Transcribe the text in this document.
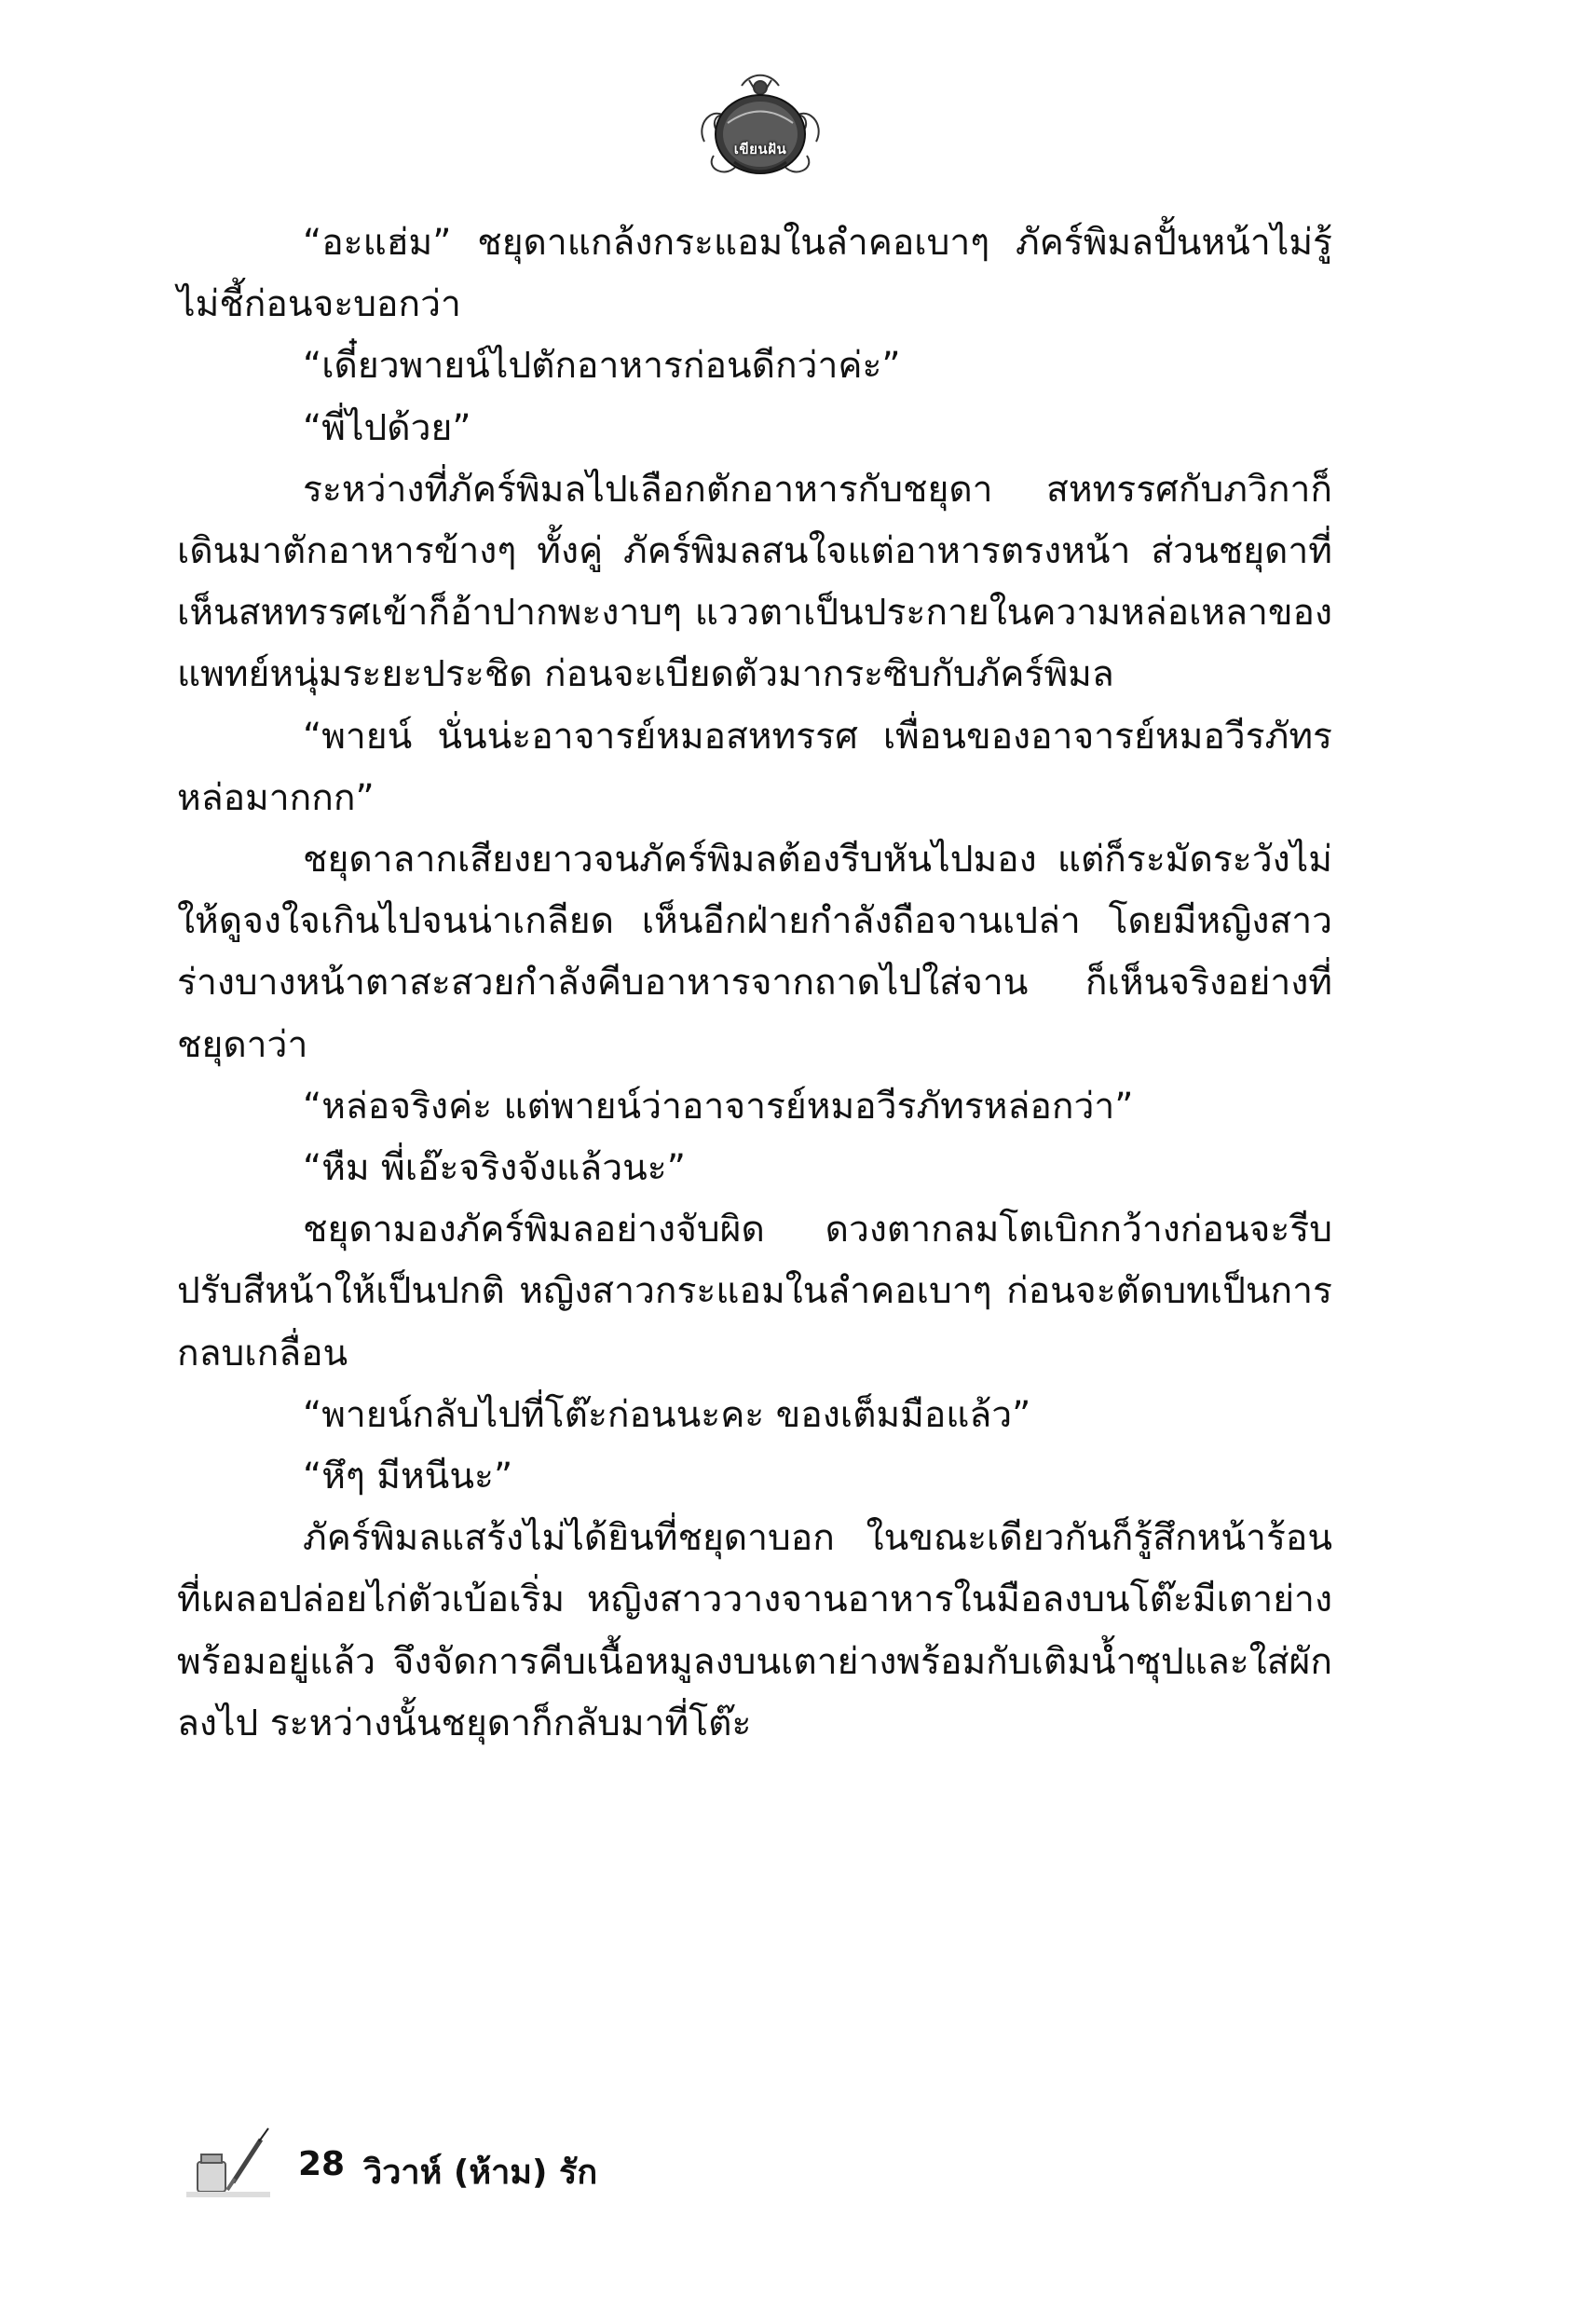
เขียนฝัน

“อะแฮ่ม” ชยุดาแกล้งกระแอมในลำคอเบาๆ ภัคร์พิมลปั้นหน้าไม่รู้ไม่ชี้ก่อนจะบอกว่า

“เดี๋ยวพายน์ไปตักอาหารก่อนดีกว่าค่ะ”

“พี่ไปด้วย”

ระหว่างที่ภัคร์พิมลไปเลือกตักอาหารกับชยุดา สหทรรศกับภวิกาก็เดินมาตักอาหารข้างๆ ทั้งคู่ ภัคร์พิมลสนใจแต่อาหารตรงหน้า ส่วนชยุดาที่เห็นสหทรรศเข้าก็อ้าปากพะงาบๆ แววตาเป็นประกายในความหล่อเหลาของแพทย์หนุ่มระยะประชิด ก่อนจะเบียดตัวมากระซิบกับภัคร์พิมล

“พายน์ นั่นน่ะอาจารย์หมอสหทรรศ เพื่อนของอาจารย์หมอวีรภัทร หล่อมากกก”

ชยุดาลากเสียงยาวจนภัคร์พิมลต้องรีบหันไปมอง แต่ก็ระมัดระวังไม่ให้ดูจงใจเกินไปจนน่าเกลียด เห็นอีกฝ่ายกำลังถือจานเปล่า โดยมีหญิงสาวร่างบางหน้าตาสะสวยกำลังคีบอาหารจากถาดไปใส่จาน ก็เห็นจริงอย่างที่ชยุดาว่า

“หล่อจริงค่ะ แต่พายน์ว่าอาจารย์หมอวีรภัทรหล่อกว่า”

“หืม พี่เอ๊ะจริงจังแล้วนะ”

ชยุดามองภัคร์พิมลอย่างจับผิด ดวงตากลมโตเบิกกว้างก่อนจะรีบปรับสีหน้าให้เป็นปกติ หญิงสาวกระแอมในลำคอเบาๆ ก่อนจะตัดบทเป็นการกลบเกลื่อน

“พายน์กลับไปที่โต๊ะก่อนนะคะ ของเต็มมือแล้ว”

“หึๆ มีหนีนะ”

ภัคร์พิมลแสร้งไม่ได้ยินที่ชยุดาบอก ในขณะเดียวกันก็รู้สึกหน้าร้อนที่เผลอปล่อยไก่ตัวเบ้อเริ่ม หญิงสาววางจานอาหารในมือลงบนโต๊ะมีเตาย่างพร้อมอยู่แล้ว จึงจัดการคีบเนื้อหมูลงบนเตาย่างพร้อมกับเติมน้ำซุปและใส่ผักลงไป ระหว่างนั้นชยุดาก็กลับมาที่โต๊ะ

28 วิวาห์ (ห้าม) รัก
